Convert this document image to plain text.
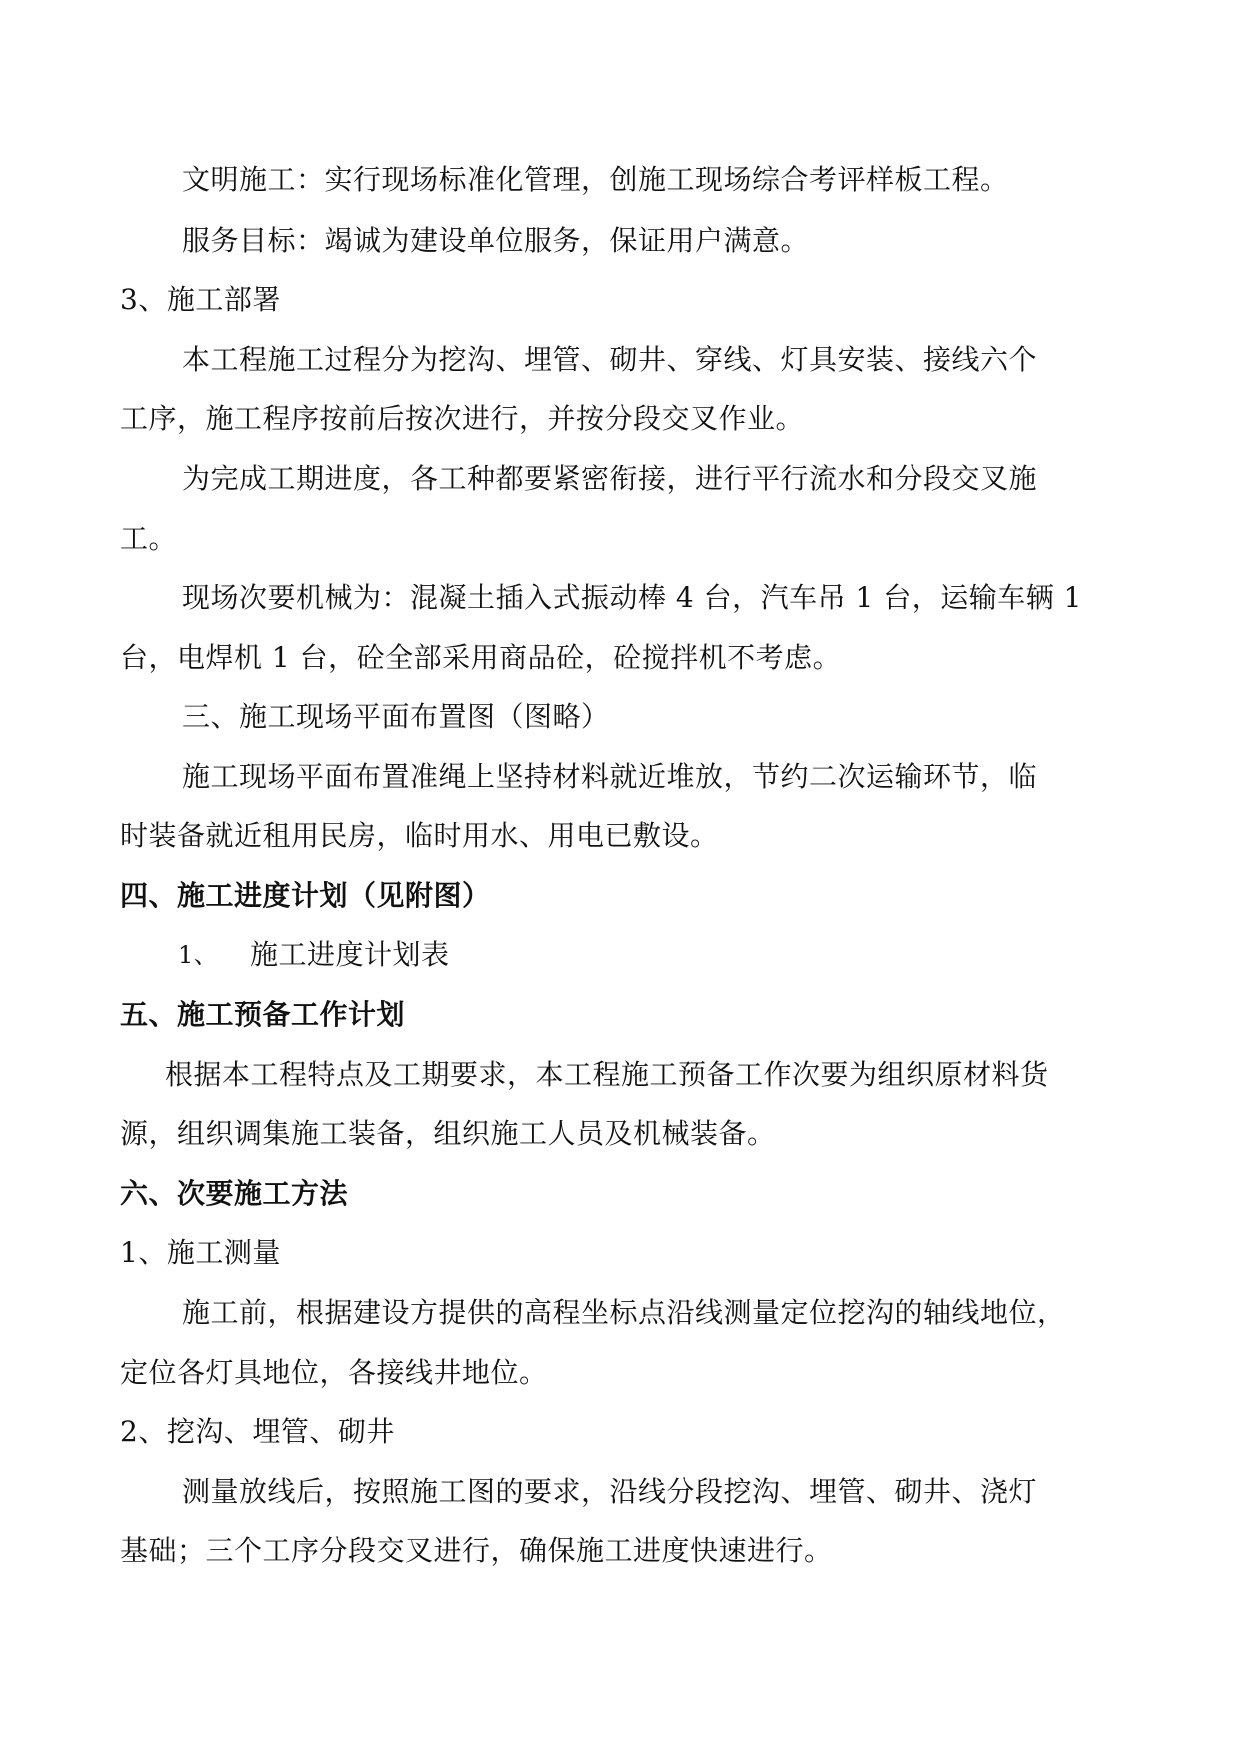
文明施工：实行现场标准化管理，创施工现场综合考评样板工程。
服务目标：竭诚为建设单位服务，保证用户满意。
3、施工部署
本工程施工过程分为挖沟、埋管、砌井、穿线、灯具安装、接线六个
工序，施工程序按前后按次进行，并按分段交叉作业。
为完成工期进度，各工种都要紧密衔接，进行平行流水和分段交叉施
工。
现场次要机械为：混凝土插入式振动棒 4 台，汽车吊 1 台，运输车辆 1
台，电焊机 1 台，砼全部采用商品砼，砼搅拌机不考虑。
三、施工现场平面布置图（图略）
施工现场平面布置准绳上坚持材料就近堆放，节约二次运输环节，临
时装备就近租用民房，临时用水、用电已敷设。
四、施工进度计划（见附图）
1、 施工进度计划表
五、施工预备工作计划
根据本工程特点及工期要求，本工程施工预备工作次要为组织原材料货
源，组织调集施工装备，组织施工人员及机械装备。
六、次要施工方法
1、施工测量
施工前，根据建设方提供的高程坐标点沿线测量定位挖沟的轴线地位，
定位各灯具地位，各接线井地位。
2、挖沟、埋管、砌井
测量放线后，按照施工图的要求，沿线分段挖沟、埋管、砌井、浇灯
基础；三个工序分段交叉进行，确保施工进度快速进行。
